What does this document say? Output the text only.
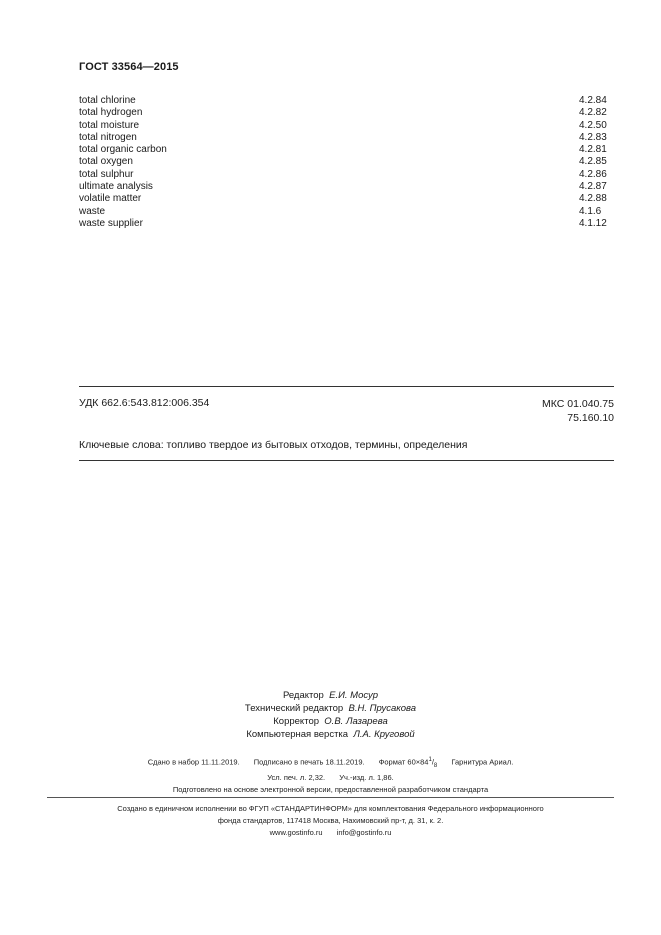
ГОСТ 33564—2015
total chlorine	4.2.84
total hydrogen	4.2.82
total moisture	4.2.50
total nitrogen	4.2.83
total organic carbon	4.2.81
total oxygen	4.2.85
total sulphur	4.2.86
ultimate analysis	4.2.87
volatile matter	4.2.88
waste	4.1.6
waste supplier	4.1.12
УДК 662.6:543.812:006.354	МКС 01.040.75
75.160.10
Ключевые слова: топливо твердое из бытовых отходов, термины, определения
Редактор Е.И. Мосур
Технический редактор В.Н. Прусакова
Корректор О.В. Лазарева
Компьютерная верстка Л.А. Круговой
Сдано в набор 11.11.2019. Подписано в печать 18.11.2019. Формат $60\times 84^1/_8$ Гарнитура Ариал.
Усл. печ. л. 2,32. Уч.-изд. л. 1,86.
Подготовлено на основе электронной версии, предоставленной разработчиком стандарта
Создано в единичном исполнении во ФГУП «СТАНДАРТИНФОРМ» для комплектования Федерального информационного
фонда стандартов, 117418 Москва, Нахимовский пр-т, д. 31, к. 2.
www.gostinfo.ru info@gostinfo.ru
